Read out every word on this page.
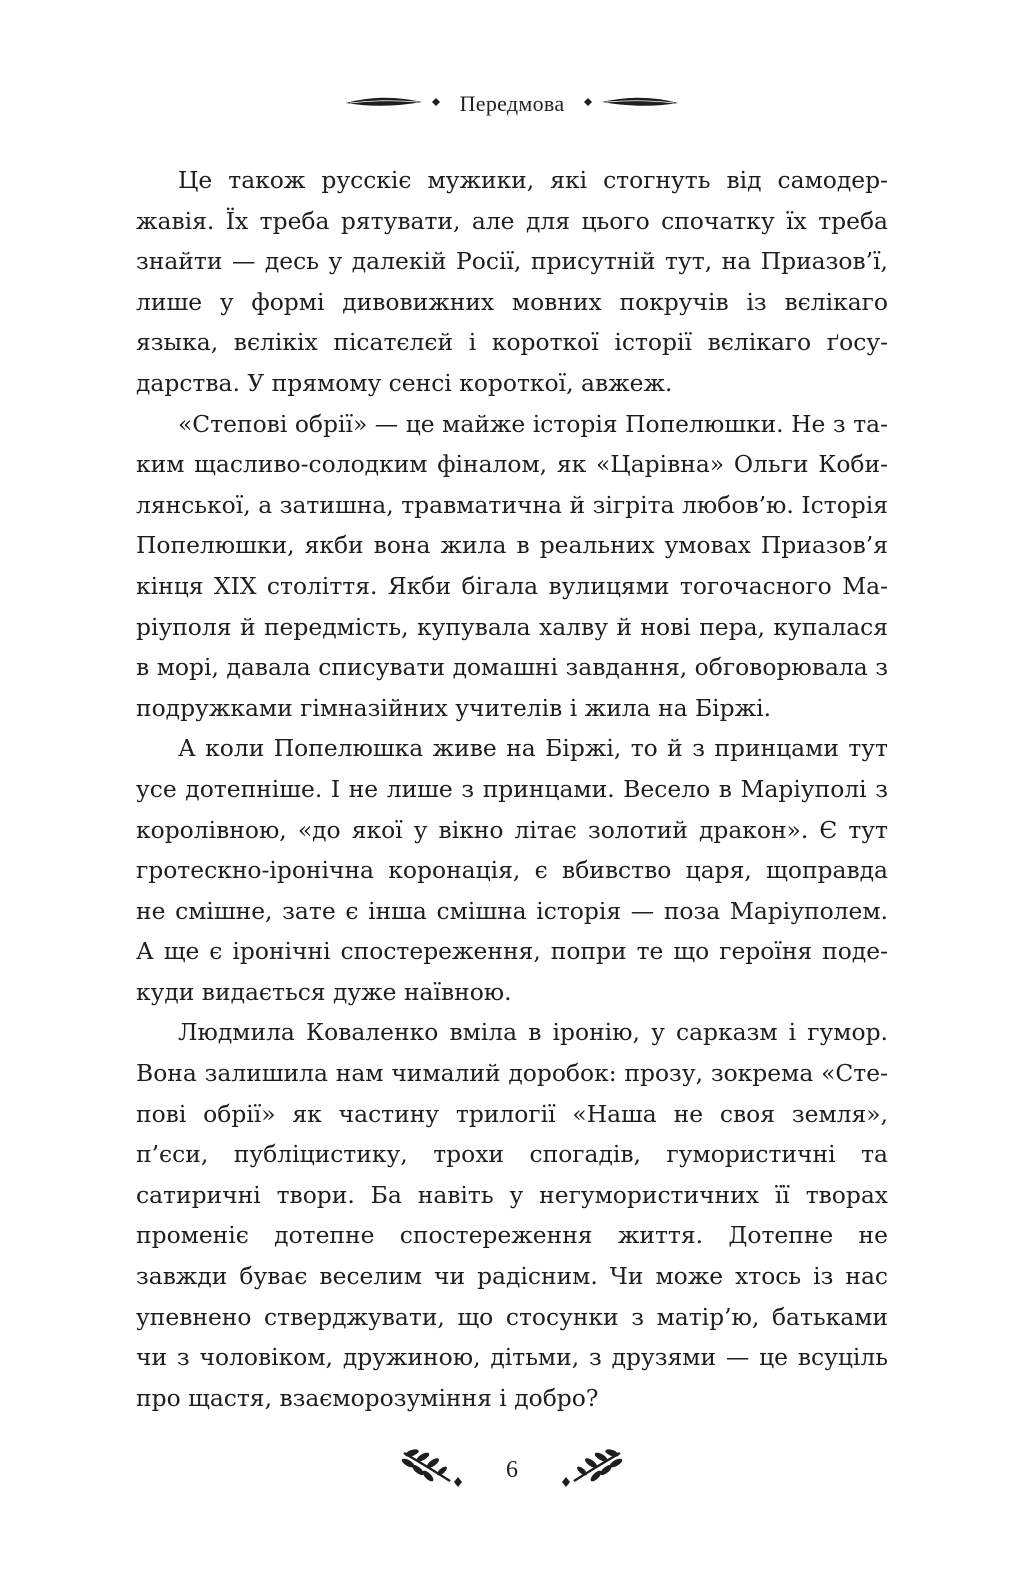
Передмова

Це також русскіє мужики, які стогнуть від самодержавія. Їх треба рятувати, але для цього спочатку їх треба знайти — десь у далекій Росії, присутній тут, на Приазов’ї, лише у формі дивовижних мовних покручів із вєлікаго языка, вєлікіх пісатєлєй і короткої історії вєлікаго ґосударства. У прямому сенсі короткої, авжеж.

«Степові обрії» — це майже історія Попелюшки. Не з таким щасливо-солодким фіналом, як «Царівна» Ольги Кобилянської, а затишна, травматична й зігріта любов’ю. Історія Попелюшки, якби вона жила в реальних умовах Приазов’я кінця ХІХ століття. Якби бігала вулицями тогочасного Маріуполя й передмість, купувала халву й нові пера, купалася в морі, давала списувати домашні завдання, обговорювала з подружками гімназійних учителів і жила на Біржі.

А коли Попелюшка живе на Біржі, то й з принцами тут усе дотепніше. І не лише з принцами. Весело в Маріуполі з королівною, «до якої у вікно літає золотий дракон». Є тут гротескно-іронічна коронація, є вбивство царя, щоправда не смішне, зате є інша смішна історія — поза Маріуполем. А ще є іронічні спостереження, попри те що героїня подекуди видається дуже наївною.

Людмила Коваленко вміла в іронію, у сарказм і гумор. Вона залишила нам чималий доробок: прозу, зокрема «Степові обрії» як частину трилогії «Наша не своя земля», п’єси, публіцистику, трохи спогадів, гумористичні та сатиричні твори. Ба навіть у негумористичних її творах променіє дотепне спостереження життя. Дотепне не завжди буває веселим чи радісним. Чи може хтось із нас упевнено стверджувати, що стосунки з матір’ю, батьками чи з чоловіком, дружиною, дітьми, з друзями — це всуціль про щастя, взаєморозуміння і добро?

6
